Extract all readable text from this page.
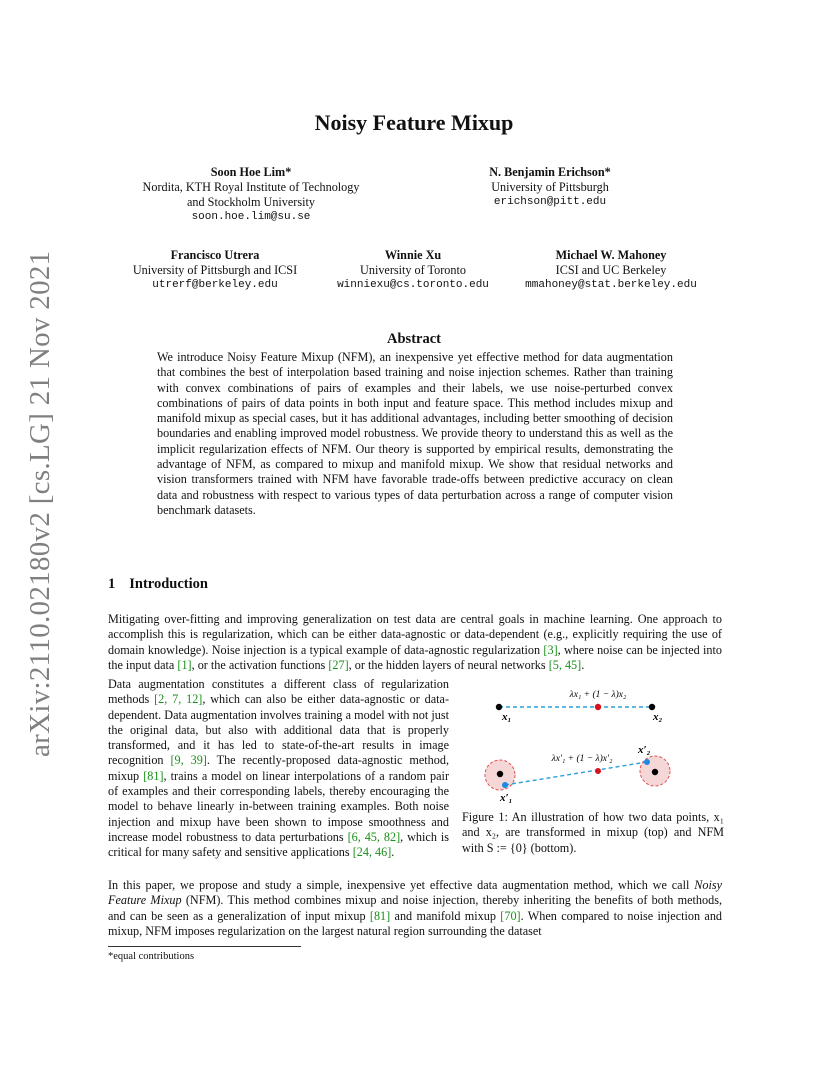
arXiv:2110.02180v2 [cs.LG] 21 Nov 2021
Noisy Feature Mixup
Soon Hoe Lim*
Nordita, KTH Royal Institute of Technology
and Stockholm University
soon.hoe.lim@su.se
N. Benjamin Erichson*
University of Pittsburgh
erichson@pitt.edu
Francisco Utrera
University of Pittsburgh and ICSI
utrerf@berkeley.edu
Winnie Xu
University of Toronto
winniexu@cs.toronto.edu
Michael W. Mahoney
ICSI and UC Berkeley
mmahoney@stat.berkeley.edu
Abstract
We introduce Noisy Feature Mixup (NFM), an inexpensive yet effective method for data augmentation that combines the best of interpolation based training and noise injection schemes. Rather than training with convex combinations of pairs of examples and their labels, we use noise-perturbed convex combinations of pairs of data points in both input and feature space. This method includes mixup and manifold mixup as special cases, but it has additional advantages, including better smoothing of decision boundaries and enabling improved model robustness. We provide theory to understand this as well as the implicit regularization effects of NFM. Our theory is supported by empirical results, demonstrating the advantage of NFM, as compared to mixup and manifold mixup. We show that residual networks and vision transformers trained with NFM have favorable trade-offs between predictive accuracy on clean data and robustness with respect to various types of data perturbation across a range of computer vision benchmark datasets.
1 Introduction
Mitigating over-fitting and improving generalization on test data are central goals in machine learning. One approach to accomplish this is regularization, which can be either data-agnostic or data-dependent (e.g., explicitly requiring the use of domain knowledge). Noise injection is a typical example of data-agnostic regularization [3], where noise can be injected into the input data [1], or the activation functions [27], or the hidden layers of neural networks [5, 45].
Data augmentation constitutes a different class of regularization methods [2, 7, 12], which can also be either data-agnostic or data-dependent. Data augmentation involves training a model with not just the original data, but also with additional data that is properly transformed, and it has led to state-of-the-art results in image recognition [9, 39]. The recently-proposed data-agnostic method, mixup [81], trains a model on linear interpolations of a random pair of examples and their corresponding labels, thereby encouraging the model to behave linearly in-between training examples. Both noise injection and mixup have been shown to impose smoothness and increase model robustness to data perturbations [6, 45, 82], which is critical for many safety and sensitive applications [24, 46].
λx₁ + (1 − λ)x₂
x₁	x₂
λx′₁ + (1 − λ)x′₂
x′₁
x′₂
Figure 1: An illustration of how two data points, x₁ and x₂, are transformed in mixup (top) and NFM with S := {0} (bottom).
In this paper, we propose and study a simple, inexpensive yet effective data augmentation method, which we call Noisy Feature Mixup (NFM). This method combines mixup and noise injection, thereby inheriting the benefits of both methods, and can be seen as a generalization of input mixup [81] and manifold mixup [70]. When compared to noise injection and mixup, NFM imposes regularization on the largest natural region surrounding the dataset
*equal contributions
